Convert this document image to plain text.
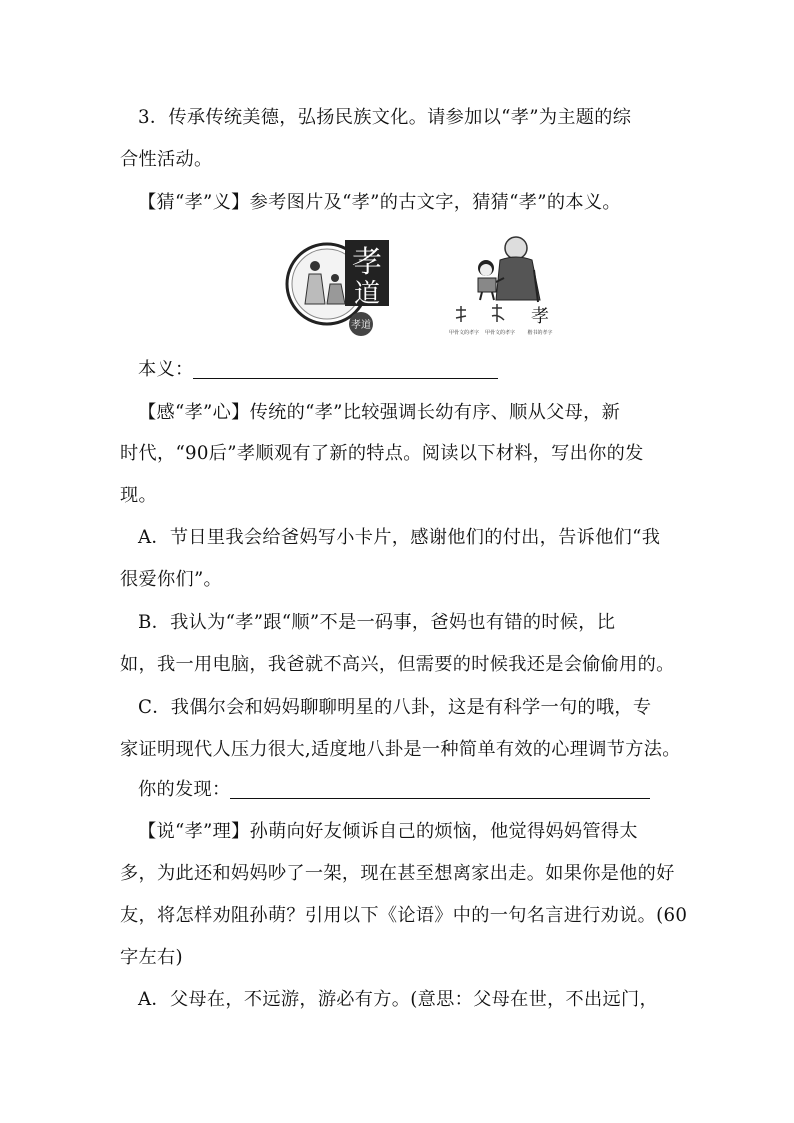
3．传承传统美德，弘扬民族文化。请参加以“孝”为主题的综

合性活动。

【猜“孝”义】参考图片及“孝”的古文字，猜猜“孝”的本义。

孝
道
孝道	孝
甲骨文的孝字 甲骨文的孝字 楷书的孝字

本义：

【感“孝”心】传统的“孝”比较强调长幼有序、顺从父母，新

时代，“90后”孝顺观有了新的特点。阅读以下材料，写出你的发

现。

A．节日里我会给爸妈写小卡片，感谢他们的付出，告诉他们“我

很爱你们”。

B．我认为“孝”跟“顺”不是一码事，爸妈也有错的时候，比

如，我一用电脑，我爸就不高兴，但需要的时候我还是会偷偷用的。

C．我偶尔会和妈妈聊聊明星的八卦，这是有科学一句的哦，专

家证明现代人压力很大,适度地八卦是一种简单有效的心理调节方法。

你的发现：

【说“孝”理】孙萌向好友倾诉自己的烦恼，他觉得妈妈管得太

多，为此还和妈妈吵了一架，现在甚至想离家出走。如果你是他的好

友，将怎样劝阻孙萌？引用以下《论语》中的一句名言进行劝说。(60

字左右)

A．父母在，不远游，游必有方。(意思：父母在世，不出远门，
